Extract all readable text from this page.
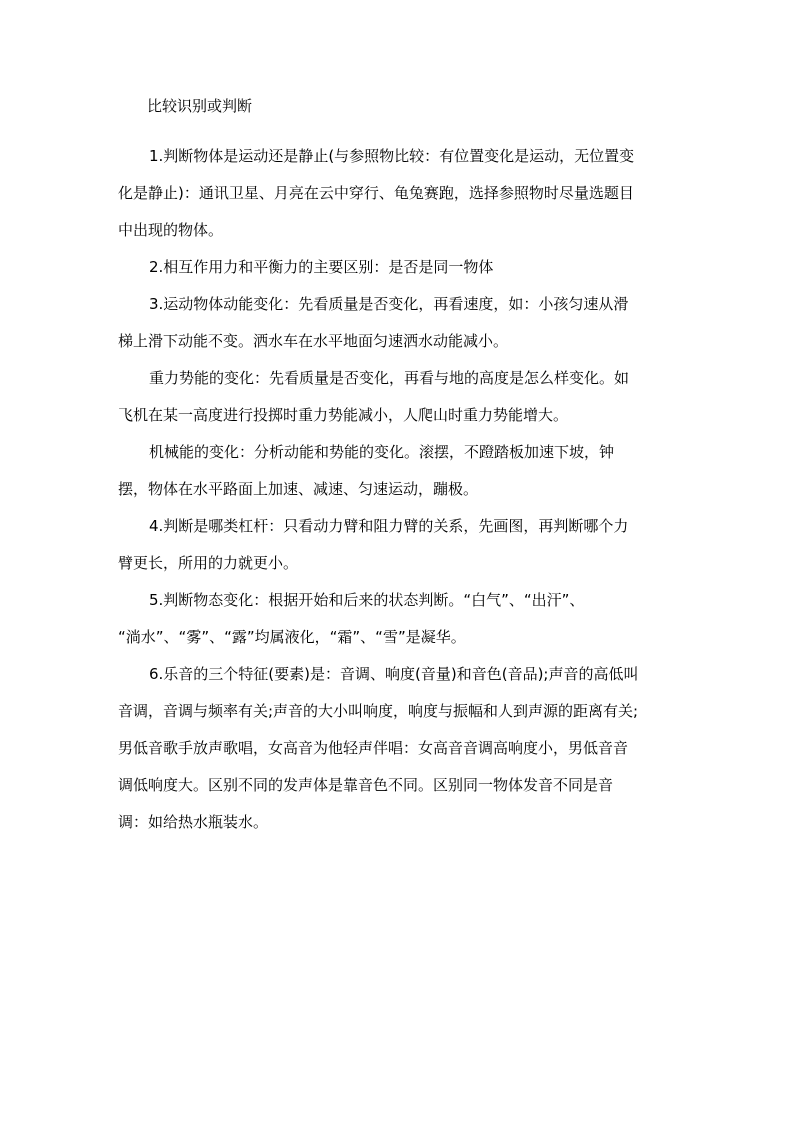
比较识别或判断

1.判断物体是运动还是静止(与参照物比较：有位置变化是运动，无位置变
化是静止)：通讯卫星、月亮在云中穿行、龟兔赛跑，选择参照物时尽量选题目
中出现的物体。
2.相互作用力和平衡力的主要区别：是否是同一物体
3.运动物体动能变化：先看质量是否变化，再看速度，如：小孩匀速从滑
梯上滑下动能不变。洒水车在水平地面匀速洒水动能减小。
重力势能的变化：先看质量是否变化，再看与地的高度是怎么样变化。如
飞机在某一高度进行投掷时重力势能减小，人爬山时重力势能增大。
机械能的变化：分析动能和势能的变化。滚摆，不蹬踏板加速下坡，钟
摆，物体在水平路面上加速、减速、匀速运动，蹦极。
4.判断是哪类杠杆：只看动力臂和阻力臂的关系，先画图，再判断哪个力
臂更长，所用的力就更小。
5.判断物态变化：根据开始和后来的状态判断。“白气”、“出汗”、
“淌水”、“雾”、“露”均属液化，“霜”、“雪”是凝华。
6.乐音的三个特征(要素)是：音调、响度(音量)和音色(音品);声音的高低叫
音调，音调与频率有关;声音的大小叫响度，响度与振幅和人到声源的距离有关;
男低音歌手放声歌唱，女高音为他轻声伴唱：女高音音调高响度小，男低音音
调低响度大。区别不同的发声体是靠音色不同。区别同一物体发音不同是音
调：如给热水瓶装水。
